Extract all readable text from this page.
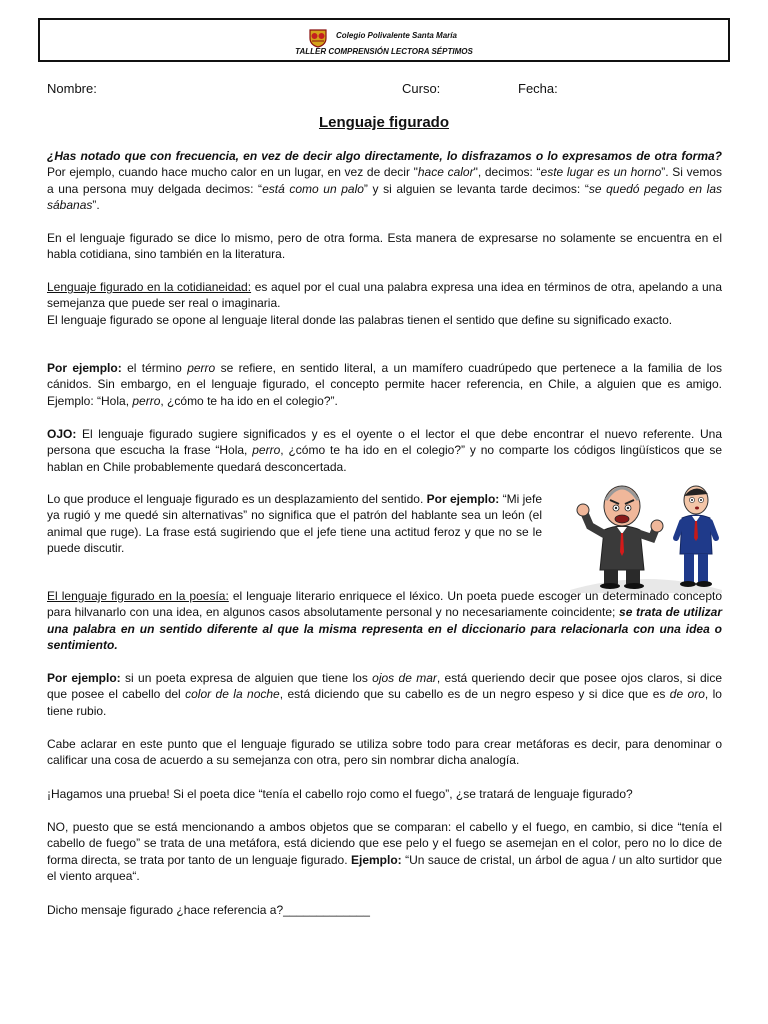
Colegio Polivalente Santa María
TALLER COMPRENSIÓN LECTORA SÉPTIMOS
Nombre:	Curso:	Fecha:
Lenguaje figurado

¿Has notado que con frecuencia, en vez de decir algo directamente, lo disfrazamos o lo expresamos de otra forma? Por ejemplo, cuando hace mucho calor en un lugar, en vez de decir "hace calor", decimos: “este lugar es un horno”. Si vemos a una persona muy delgada decimos: “está como un palo” y si alguien se levanta tarde decimos: “se quedó pegado en las sábanas”.

En el lenguaje figurado se dice lo mismo, pero de otra forma. Esta manera de expresarse no solamente se encuentra en el habla cotidiana, sino también en la literatura.

Lenguaje figurado en la cotidianeidad: es aquel por el cual una palabra expresa una idea en términos de otra, apelando a una semejanza que puede ser real o imaginaria.
El lenguaje figurado se opone al lenguaje literal donde las palabras tienen el sentido que define su significado exacto.

Por ejemplo: el término perro se refiere, en sentido literal, a un mamífero cuadrúpedo que pertenece a la familia de los cánidos. Sin embargo, en el lenguaje figurado, el concepto permite hacer referencia, en Chile, a alguien que es amigo. Ejemplo: “Hola, perro, ¿cómo te ha ido en el colegio?”.

OJO: El lenguaje figurado sugiere significados y es el oyente o el lector el que debe encontrar el nuevo referente. Una persona que escucha la frase “Hola, perro, ¿cómo te ha ido en el colegio?” y no comparte los códigos lingüísticos que se hablan en Chile probablemente quedará desconcertada.

Lo que produce el lenguaje figurado es un desplazamiento del sentido. Por ejemplo: “Mi jefe ya rugió y me quedé sin alternativas” no significa que el patrón del hablante sea un león (el animal que ruge). La frase está sugiriendo que el jefe tiene una actitud feroz y que no se le puede discutir.

El lenguaje figurado en la poesía: el lenguaje literario enriquece el léxico. Un poeta puede escoger un determinado concepto para hilvanarlo con una idea, en algunos casos absolutamente personal y no necesariamente coincidente; se trata de utilizar una palabra en un sentido diferente al que la misma representa en el diccionario para relacionarla con una idea o sentimiento.

Por ejemplo: si un poeta expresa de alguien que tiene los ojos de mar, está queriendo decir que posee ojos claros, si dice que posee el cabello del color de la noche, está diciendo que su cabello es de un negro espeso y si dice que es de oro, lo tiene rubio.

Cabe aclarar en este punto que el lenguaje figurado se utiliza sobre todo para crear metáforas es decir, para denominar o calificar una cosa de acuerdo a su semejanza con otra, pero sin nombrar dicha analogía.

¡Hagamos una prueba! Si el poeta dice “tenía el cabello rojo como el fuego”, ¿se tratará de lenguaje figurado?

NO, puesto que se está mencionando a ambos objetos que se comparan: el cabello y el fuego, en cambio, si dice “tenía el cabello de fuego” se trata de una metáfora, está diciendo que ese pelo y el fuego se asemejan en el color, pero no lo dice de forma directa, se trata por tanto de un lenguaje figurado. Ejemplo: “Un sauce de cristal, un árbol de agua / un alto surtidor que el viento arquea“.

Dicho mensaje figurado ¿hace referencia a?_____________
